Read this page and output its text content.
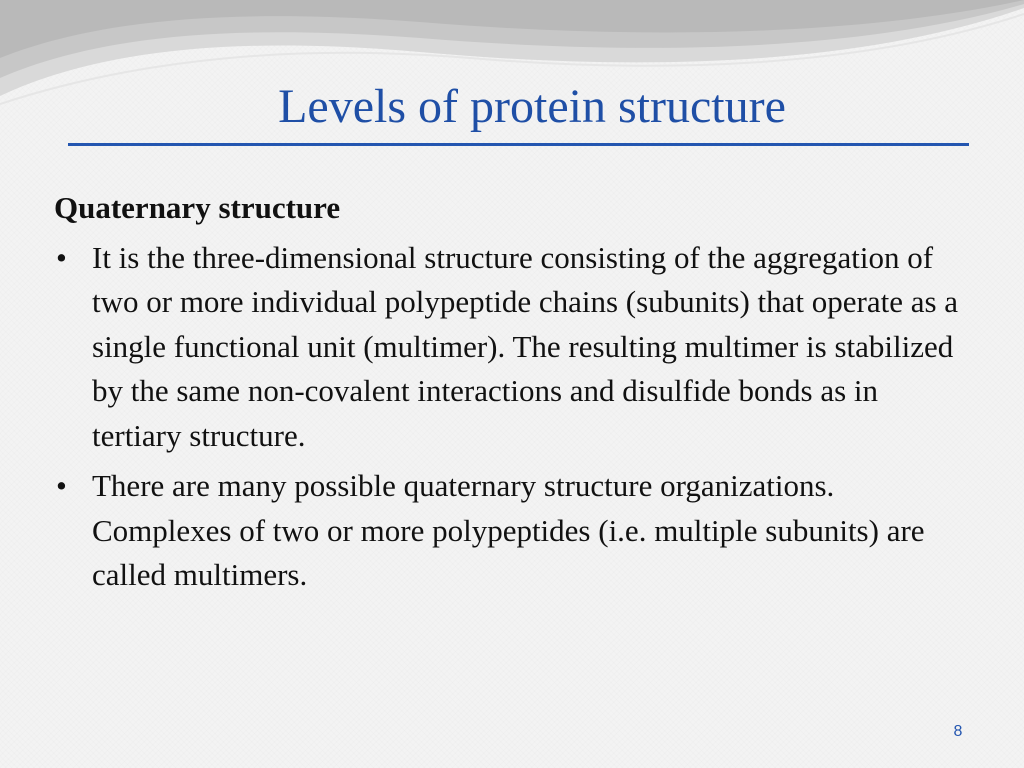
Levels of protein structure
Quaternary structure
• It is the three-dimensional structure consisting of the aggregation of two or more individual polypeptide chains (subunits) that operate as a single functional unit (multimer). The resulting multimer is stabilized by the same non-covalent interactions and disulfide bonds as in tertiary structure.
• There are many possible quaternary structure organizations. Complexes of two or more polypeptides (i.e. multiple subunits) are called multimers.
8
